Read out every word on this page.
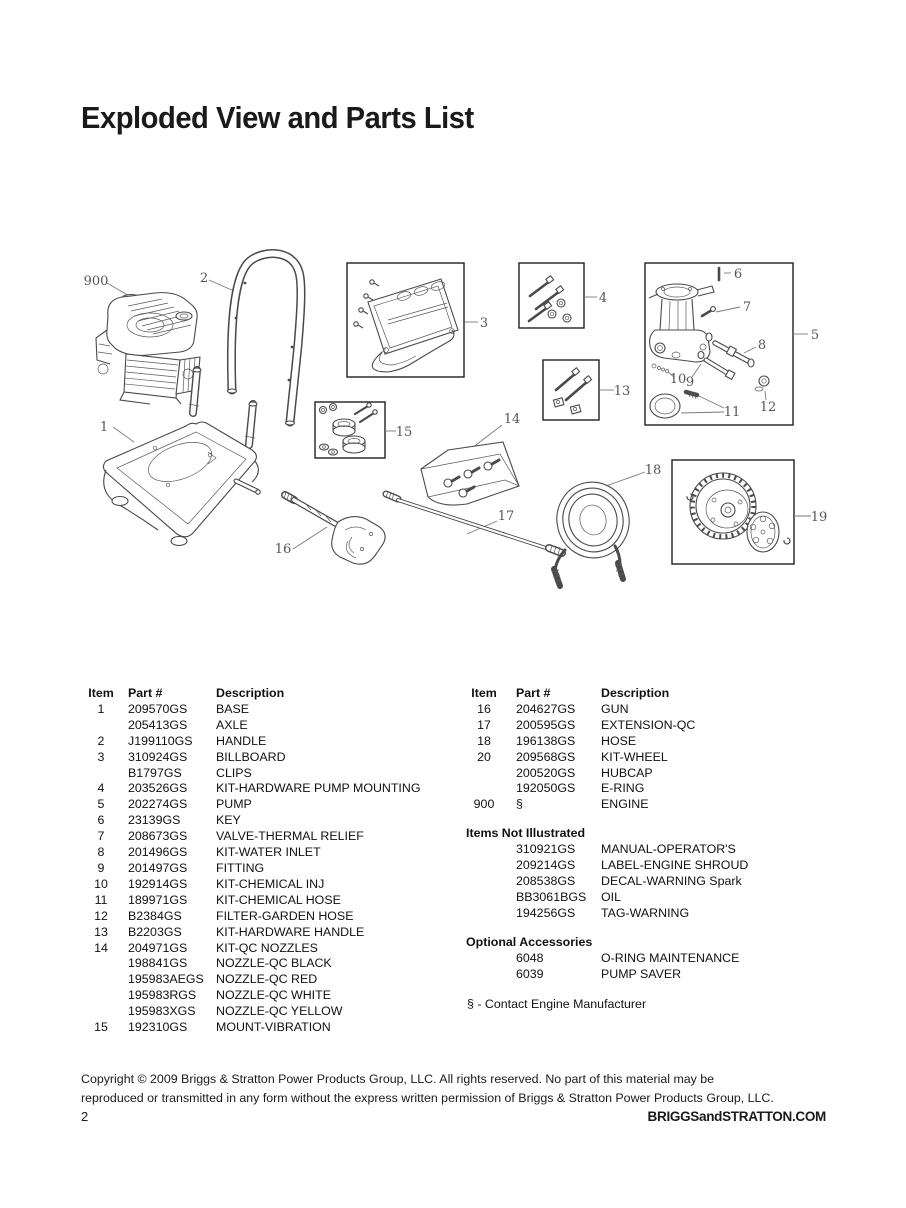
Exploded View and Parts List
900
1
2
3
4
5
6
7
8
9
10
11 12
13
14
15
16
17
18
19
Item	Part #	Description
1	209570GS	BASE
205413GS	AXLE
2	J199110GS	HANDLE
3	310924GS	BILLBOARD
B1797GS	CLIPS
4	203526GS	KIT-HARDWARE PUMP MOUNTING
5	202274GS	PUMP
6	23139GS	KEY
7	208673GS	VALVE-THERMAL RELIEF
8	201496GS	KIT-WATER INLET
9	201497GS	FITTING
10	192914GS	KIT-CHEMICAL INJ
11	189971GS	KIT-CHEMICAL HOSE
12	B2384GS	FILTER-GARDEN HOSE
13	B2203GS	KIT-HARDWARE HANDLE
14	204971GS	KIT-QC NOZZLES
198841GS	NOZZLE-QC BLACK
195983AEGS NOZZLE-QC RED
195983RGS	NOZZLE-QC WHITE
195983XGS	NOZZLE-QC YELLOW
15	192310GS	MOUNT-VIBRATION
Item	Part #	Description
16	204627GS	GUN
17	200595GS	EXTENSION-QC
18	196138GS	HOSE
20	209568GS	KIT-WHEEL
200520GS	HUBCAP
192050GS	E-RING
900	§	ENGINE
Items Not Illustrated
310921GS	MANUAL-OPERATOR'S
209214GS	LABEL-ENGINE SHROUD
208538GS	DECAL-WARNING Spark
BB3061BGS	OIL
194256GS	TAG-WARNING
Optional Accessories
6048	O-RING MAINTENANCE
6039	PUMP SAVER
§ - Contact Engine Manufacturer
Copyright © 2009 Briggs & Stratton Power Products Group, LLC. All rights reserved. No part of this material may be
reproduced or transmitted in any form without the express written permission of Briggs & Stratton Power Products Group, LLC.
2	BRIGGSandSTRATTON.COM
